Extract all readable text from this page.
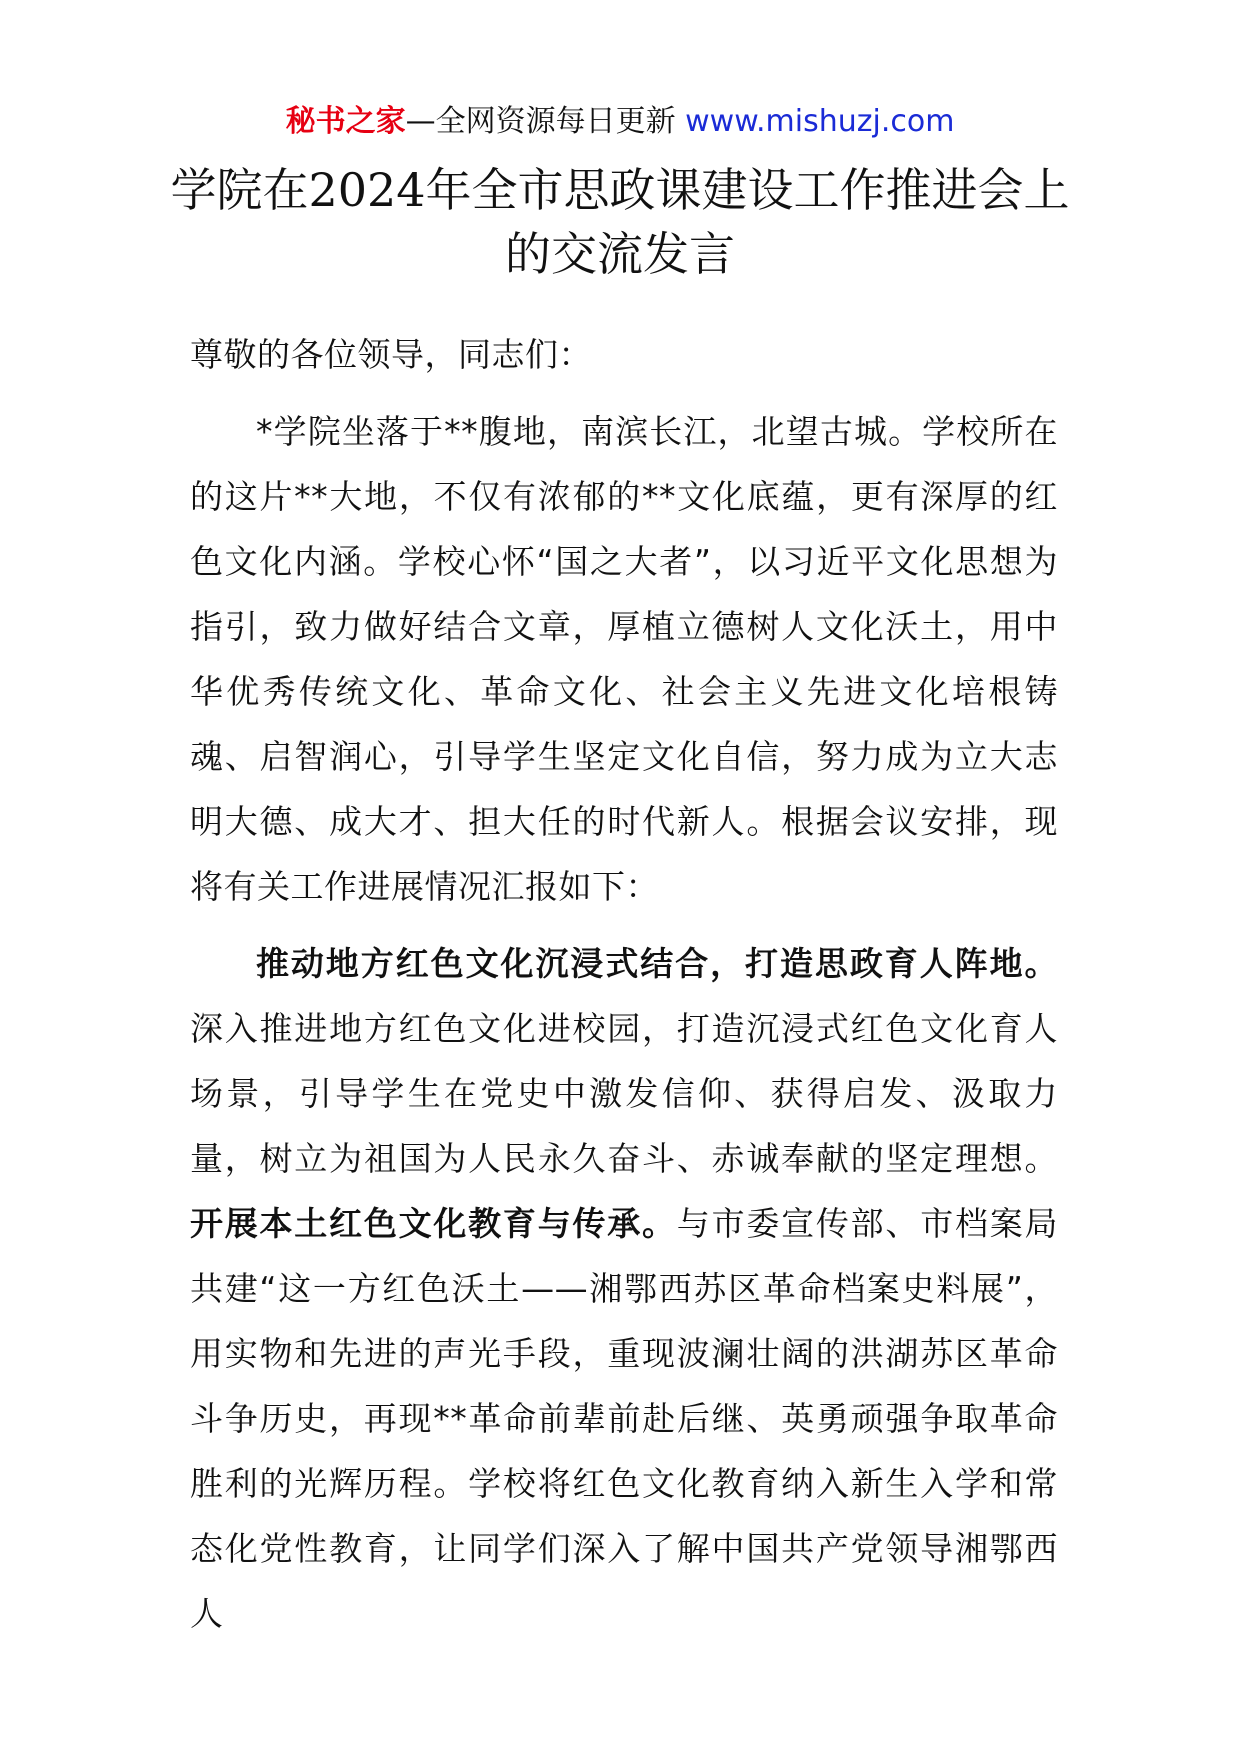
秘书之家—全网资源每日更新 www.mishuzj.com
学院在2024年全市思政课建设工作推进会上的交流发言

尊敬的各位领导，同志们：

*学院坐落于**腹地，南滨长江，北望古城。学校所在的这片**大地，不仅有浓郁的**文化底蕴，更有深厚的红色文化内涵。学校心怀“国之大者”，以习近平文化思想为指引，致力做好结合文章，厚植立德树人文化沃土，用中华优秀传统文化、革命文化、社会主义先进文化培根铸魂、启智润心，引导学生坚定文化自信，努力成为立大志明大德、成大才、担大任的时代新人。根据会议安排，现将有关工作进展情况汇报如下：

推动地方红色文化沉浸式结合，打造思政育人阵地。深入推进地方红色文化进校园，打造沉浸式红色文化育人场景，引导学生在党史中激发信仰、获得启发、汲取力量，树立为祖国为人民永久奋斗、赤诚奉献的坚定理想。开展本土红色文化教育与传承。与市委宣传部、市档案局共建“这一方红色沃土——湘鄂西苏区革命档案史料展”，用实物和先进的声光手段，重现波澜壮阔的洪湖苏区革命斗争历史，再现**革命前辈前赴后继、英勇顽强争取革命胜利的光辉历程。学校将红色文化教育纳入新生入学和常态化党性教育，让同学们深入了解中国共产党领导湘鄂西人
